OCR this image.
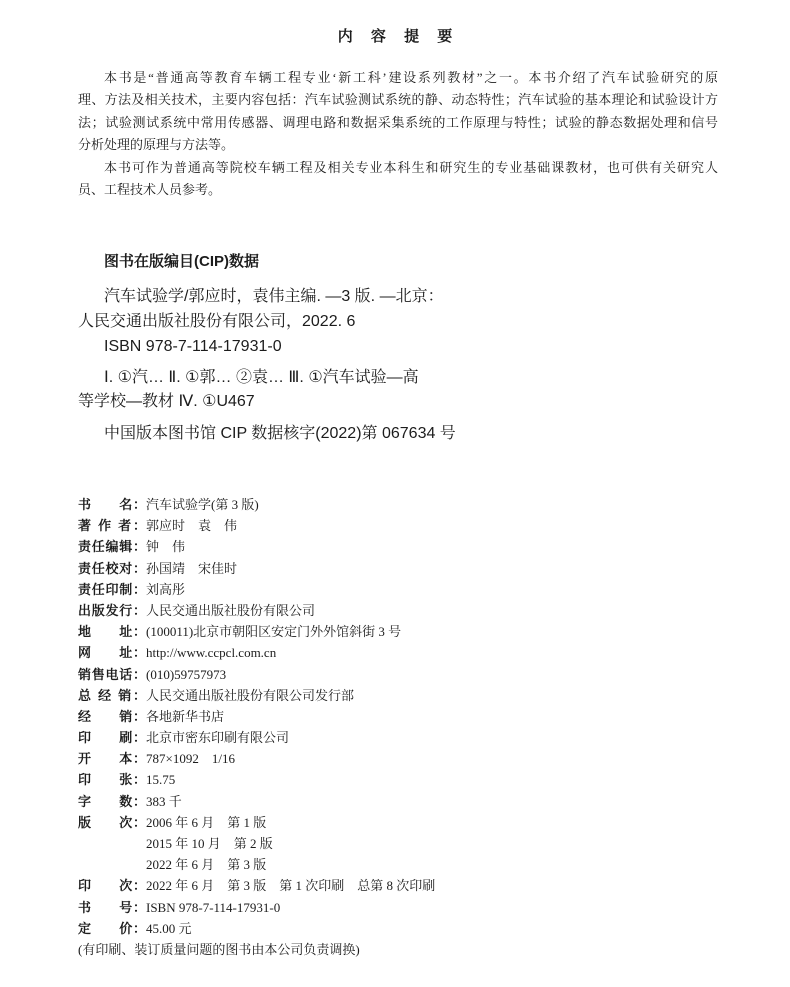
内 容 提 要
本书是“普通高等教育车辆工程专业‘新工科’建设系列教材”之一。本书介绍了汽车试验研究的原
理、方法及相关技术，主要内容包括：汽车试验测试系统的静、动态特性；汽车试验的基本理论和试验设计方
法；试验测试系统中常用传感器、调理电路和数据采集系统的工作原理与特性；试验的静态数据处理和信号
分析处理的原理与方法等。
本书可作为普通高等院校车辆工程及相关专业本科生和研究生的专业基础课教材，也可供有关研究人
员、工程技术人员参考。
图书在版编目(CIP)数据
汽车试验学/郭应时，袁伟主编. —3 版. —北京：
人民交通出版社股份有限公司，2022. 6
ISBN 978-7-114-17931-0
Ⅰ. ①汽… Ⅱ. ①郭… ②袁… Ⅲ. ①汽车试验—高
等学校—教材 Ⅳ. ①U467
中国版本图书馆 CIP 数据核字(2022)第 067634 号
书　　名： 汽车试验学(第 3 版)
著 作 者： 郭应时　袁　伟
责任编辑： 钟　伟
责任校对： 孙国靖　宋佳时
责任印制： 刘高彤
出版发行： 人民交通出版社股份有限公司
地　　址： (100011)北京市朝阳区安定门外外馆斜街 3 号
网　　址： http://www.ccpcl.com.cn
销售电话： (010)59757973
总 经 销： 人民交通出版社股份有限公司发行部
经　　销： 各地新华书店
印　　刷： 北京市密东印刷有限公司
开　　本： 787×1092　1/16
印　　张： 15.75
字　　数： 383 千
版　　次： 2006 年 6 月　第 1 版
2015 年 10 月　第 2 版
2022 年 6 月　第 3 版
印　　次： 2022 年 6 月　第 3 版　第 1 次印刷　总第 8 次印刷
书　　号： ISBN 978-7-114-17931-0
定　　价： 45.00 元
(有印刷、装订质量问题的图书由本公司负责调换)
